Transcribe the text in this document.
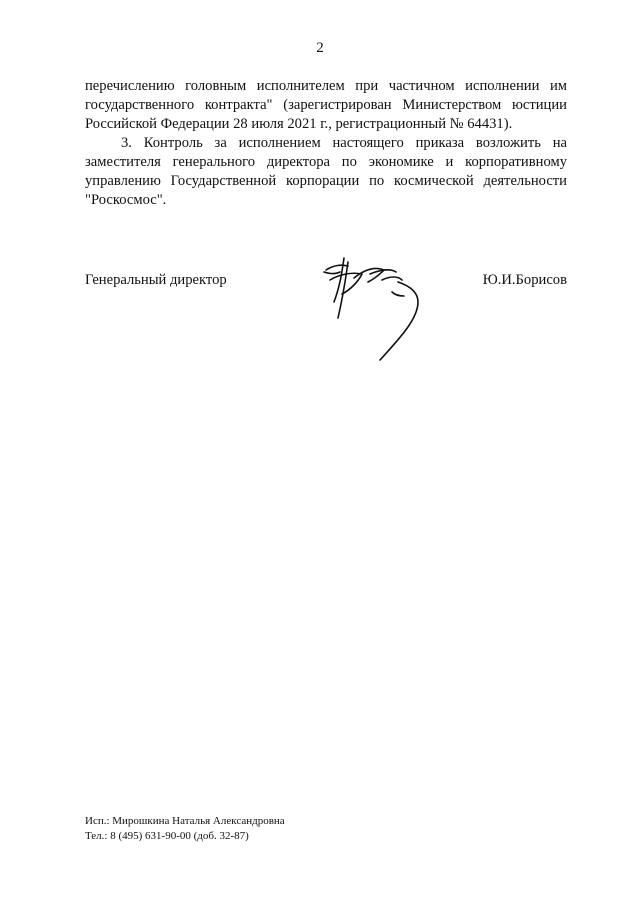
2

перечислению головным исполнителем при частичном исполнении им государственного контракта" (зарегистрирован Министерством юстиции Российской Федерации 28 июля 2021 г., регистрационный № 64431).

3. Контроль за исполнением настоящего приказа возложить на заместителя генерального директора по экономике и корпоративному управлению Государственной корпорации по космической деятельности "Роскосмос".

Генеральный директор	Ю.И.Борисов
Исп.: Мирошкина Наталья Александровна
Тел.: 8 (495) 631-90-00 (доб. 32-87)
